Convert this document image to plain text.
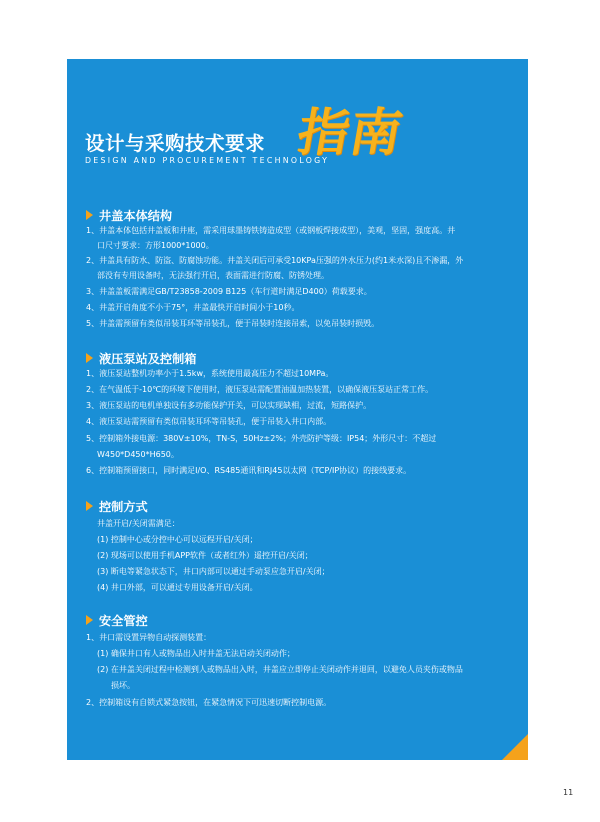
设计与采购技术要求
DESIGN AND PROCUREMENT TECHNOLOGY
指南
井盖本体结构
1、井盖本体包括井盖板和井座，需采用球墨铸铁铸造成型（或钢板焊接成型），美观，坚固，强度高。井
口尺寸要求：方形1000*1000。
2、井盖具有防水、防盗、防腐蚀功能。井盖关闭后可承受10KPa压强的外水压力(约1米水深)且不渗漏，外
部没有专用设备时，无法强行开启，表面需进行防腐、防锈处理。
3、井盖盖板需满足GB/T23858-2009 B125（车行道时满足D400）荷载要求。
4、井盖开启角度不小于75°，井盖最快开启时间小于10秒。
5、井盖需预留有类似吊装耳环等吊装孔，便于吊装时连接吊索，以免吊装时损毁。
液压泵站及控制箱
1、液压泵站整机功率小于1.5kw，系统使用最高压力不超过10MPa。
2、在气温低于-10℃的环境下使用时，液压泵站需配置油温加热装置，以确保液压泵站正常工作。
3、液压泵站的电机单独设有多功能保护开关，可以实现缺相，过流，短路保护。
4、液压泵站需预留有类似吊装耳环等吊装孔，便于吊装入井口内部。
5、控制箱外接电源：380V±10%，TN-S，50Hz±2%；外壳防护等级：IP54；外形尺寸：不超过
W450*D450*H650。
6、控制箱预留接口，同时满足I/O、RS485通讯和RJ45以太网（TCP/IP协议）的接线要求。
控制方式
井盖开启/关闭需满足：
(1) 控制中心或分控中心可以远程开启/关闭；
(2) 现场可以使用手机APP软件（或者红外）遥控开启/关闭；
(3) 断电等紧急状态下，井口内部可以通过手动泵应急开启/关闭；
(4) 井口外部，可以通过专用设备开启/关闭。
安全管控
1、井口需设置异物自动探测装置：
(1) 确保井口有人或物品出入时井盖无法启动关闭动作；
(2) 在井盖关闭过程中检测到人或物品出入时，井盖应立即停止关闭动作并退回，以避免人员夹伤或物品
损坏。
2、控制箱设有自锁式紧急按钮，在紧急情况下可迅速切断控制电源。
11
